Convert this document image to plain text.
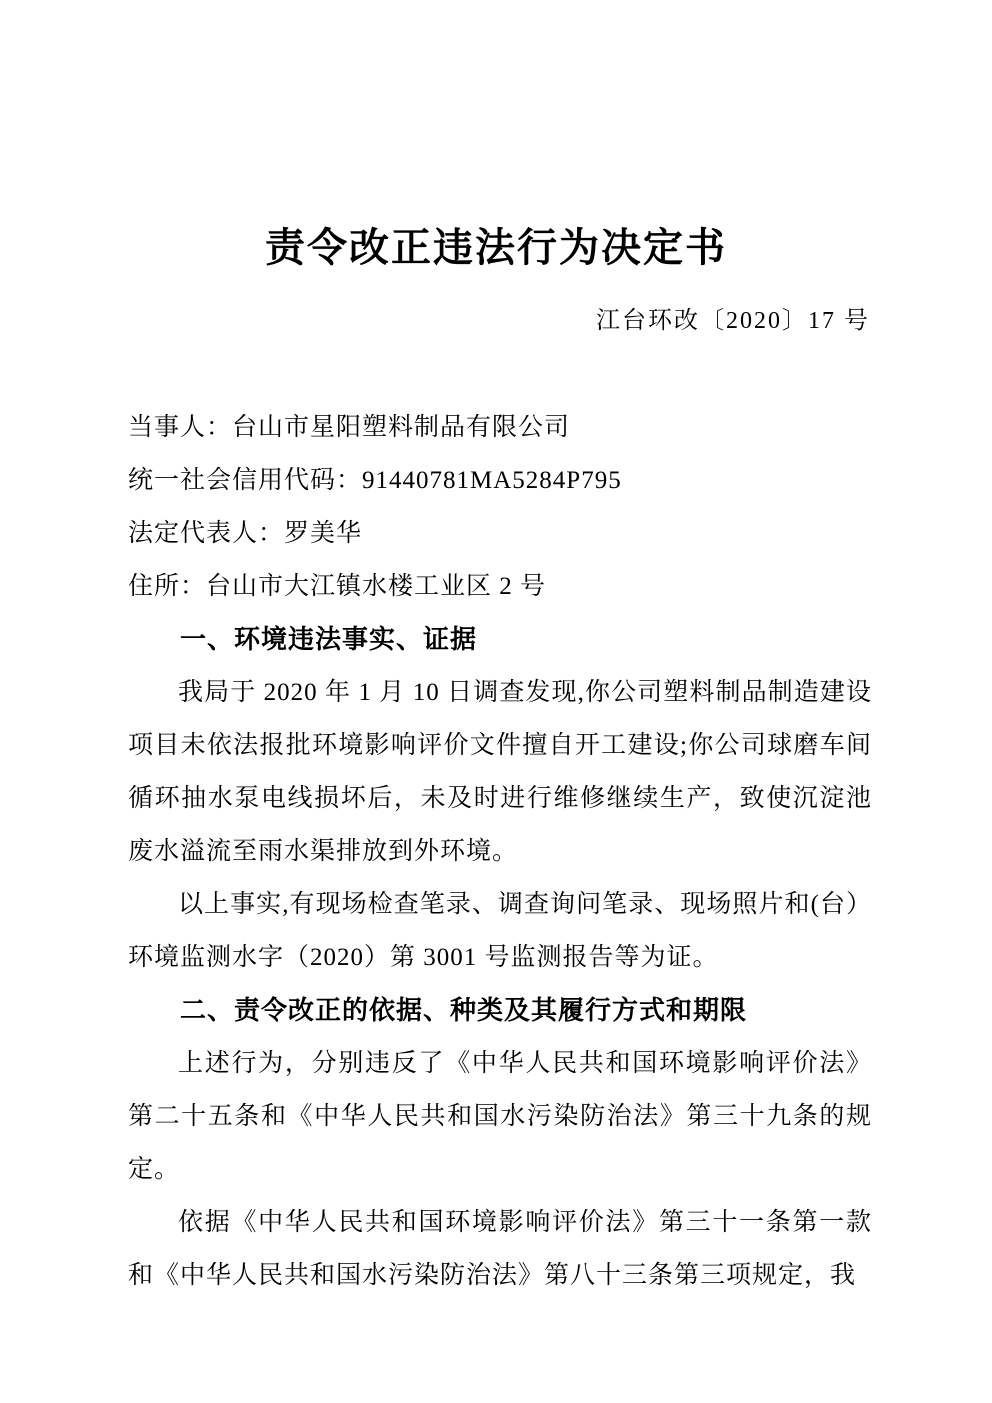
责令改正违法行为决定书
江台环改〔2020〕17 号
当事人：台山市星阳塑料制品有限公司
统一社会信用代码：91440781MA5284P795
法定代表人：罗美华
住所：台山市大江镇水楼工业区 2 号
一、环境违法事实、证据
我局于 2020 年 1 月 10 日调查发现,你公司塑料制品制造建设项目未依法报批环境影响评价文件擅自开工建设;你公司球磨车间循环抽水泵电线损坏后，未及时进行维修继续生产，致使沉淀池废水溢流至雨水渠排放到外环境。
以上事实,有现场检查笔录、调查询问笔录、现场照片和(台）环境监测水字（2020）第 3001 号监测报告等为证。
二、责令改正的依据、种类及其履行方式和期限
上述行为，分别违反了《中华人民共和国环境影响评价法》第二十五条和《中华人民共和国水污染防治法》第三十九条的规定。
依据《中华人民共和国环境影响评价法》第三十一条第一款和《中华人民共和国水污染防治法》第八十三条第三项规定，我
